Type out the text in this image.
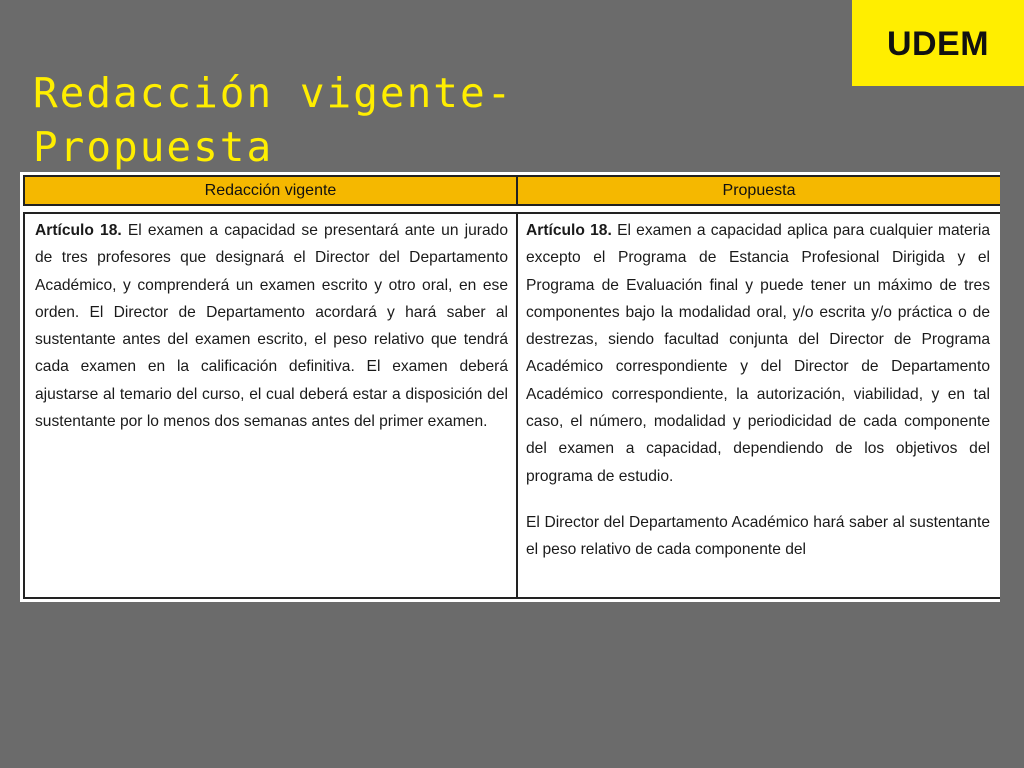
UDEM
Redacción vigente-
Propuesta
Redacción vigente	Propuesta

Artículo 18. El examen a capacidad se presentará ante un jurado de tres profesores que designará el Director del Departamento Académico, y comprenderá un examen escrito y otro oral, en ese orden. El Director de Departamento acordará y hará saber al sustentante antes del examen escrito, el peso relativo que tendrá cada examen en la calificación definitiva. El examen deberá ajustarse al temario del curso, el cual deberá estar a disposición del sustentante por lo menos dos semanas antes del primer examen.

Artículo 18. El examen a capacidad aplica para cualquier materia excepto el Programa de Estancia Profesional Dirigida y el Programa de Evaluación final y puede tener un máximo de tres componentes bajo la modalidad oral, y/o escrita y/o práctica o de destrezas, siendo facultad conjunta del Director de Programa Académico correspondiente y del Director de Departamento Académico correspondiente, la autorización, viabilidad, y en tal caso, el número, modalidad y periodicidad de cada componente del examen a capacidad, dependiendo de los objetivos del programa de estudio.

El Director del Departamento Académico hará saber al sustentante el peso relativo de cada componente del
